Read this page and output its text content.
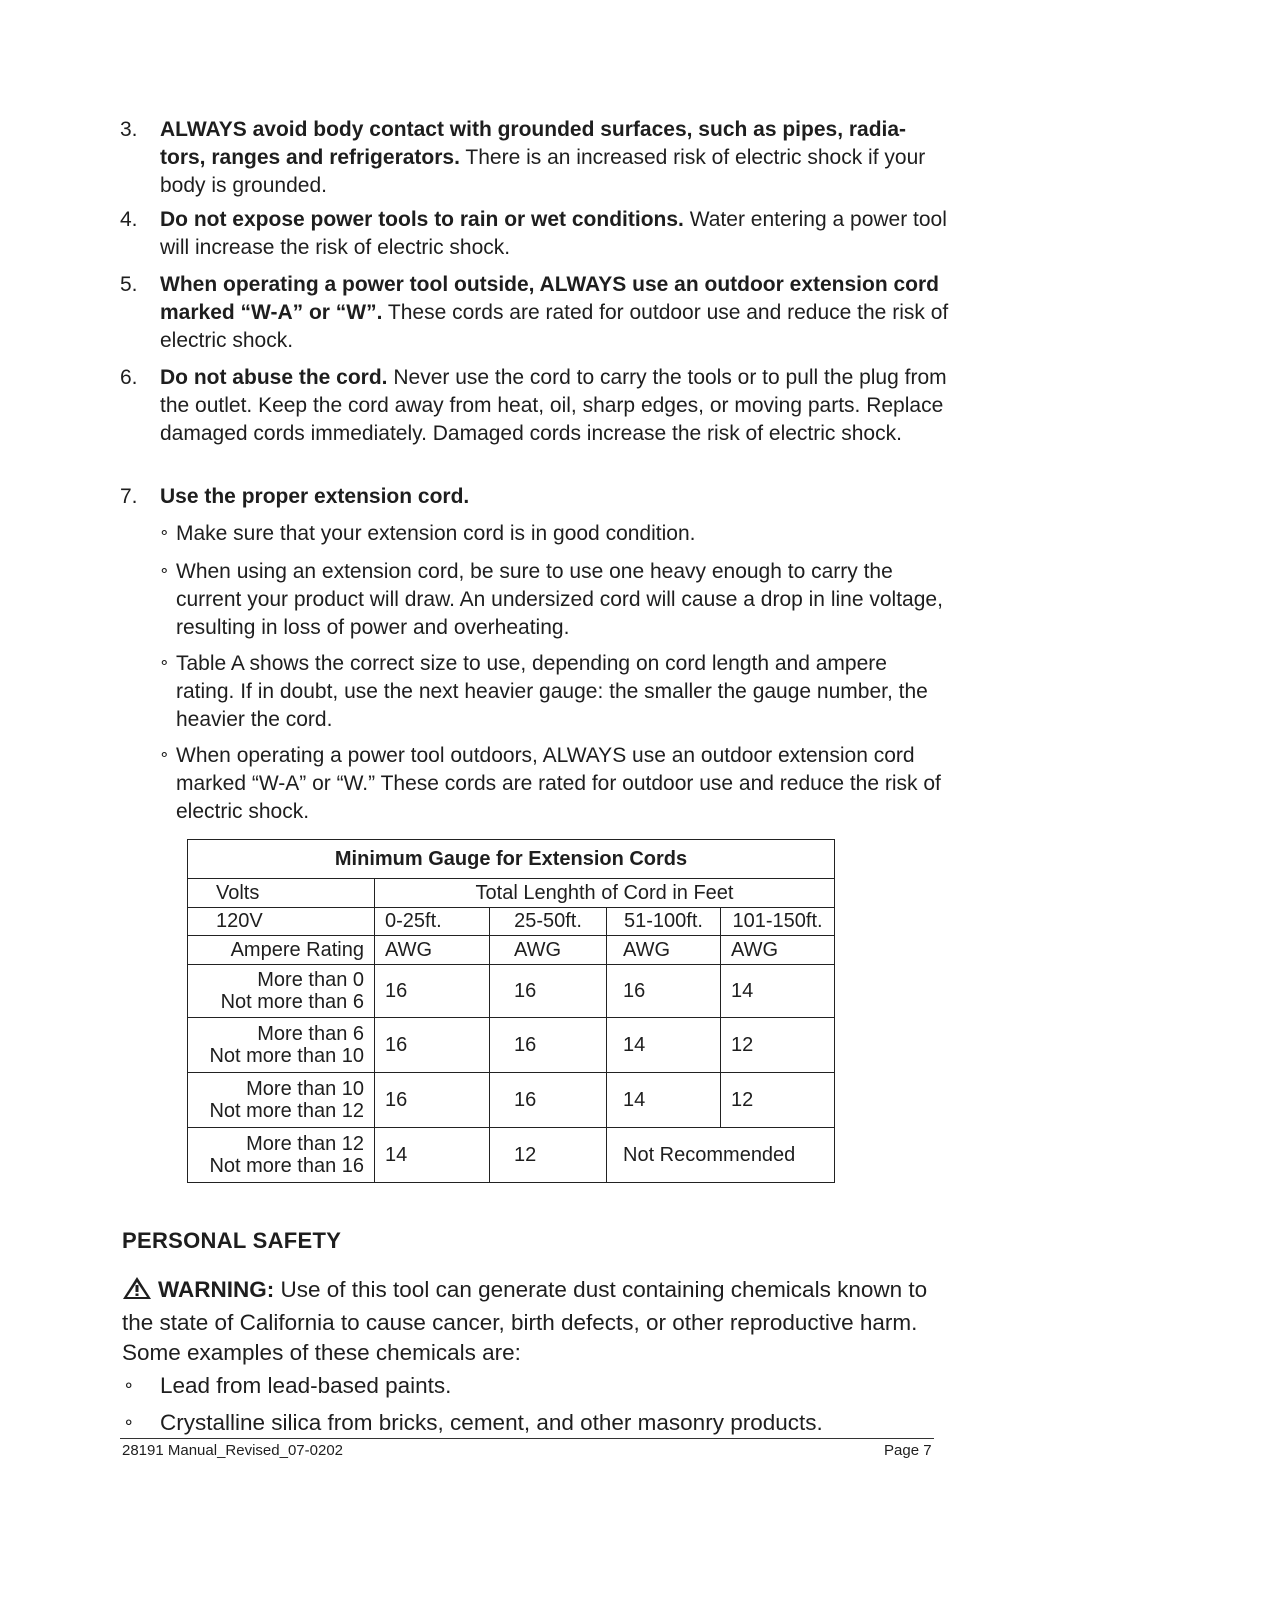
3.	ALWAYS avoid body contact with grounded surfaces, such as pipes, radia-tors, ranges and refrigerators. There is an increased risk of electric shock if your body is grounded.
4.	Do not expose power tools to rain or wet conditions. Water entering a power tool will increase the risk of electric shock.
5.	When operating a power tool outside, ALWAYS use an outdoor extension cord marked “W-A” or “W”. These cords are rated for outdoor use and reduce the risk of electric shock.
6.	Do not abuse the cord. Never use the cord to carry the tools or to pull the plug from the outlet. Keep the cord away from heat, oil, sharp edges, or moving parts. Replace damaged cords immediately. Damaged cords increase the risk of electric shock.
7.	Use the proper extension cord.
⚬ Make sure that your extension cord is in good condition.
⚬ When using an extension cord, be sure to use one heavy enough to carry the current your product will draw. An undersized cord will cause a drop in line voltage, resulting in loss of power and overheating.
⚬ Table A shows the correct size to use, depending on cord length and ampere rating. If in doubt, use the next heavier gauge: the smaller the gauge number, the heavier the cord.
⚬ When operating a power tool outdoors, ALWAYS use an outdoor extension cord marked “W-A” or “W.” These cords are rated for outdoor use and reduce the risk of electric shock.
Minimum Gauge for Extension Cords				
Volts	Total Lenghth of Cord in Feet			
120V	0-25ft.	25-50ft.	51-100ft.	101-150ft.
Ampere Rating	AWG	AWG	AWG	AWG
More than 0
Not more than 6	16	16	16	14
More than 6
Not more than 10	16	16	14	12
More than 10
Not more than 12	16	16	14	12
More than 12
Not more than 16	14	12	Not Recommended	
PERSONAL SAFETY
WARNING: Use of this tool can generate dust containing chemicals known to the state of California to cause cancer, birth defects, or other reproductive harm. Some examples of these chemicals are:
⚬ Lead from lead-based paints.
⚬ Crystalline silica from bricks, cement, and other masonry products.
28191 Manual_Revised_07-0202	Page 7
